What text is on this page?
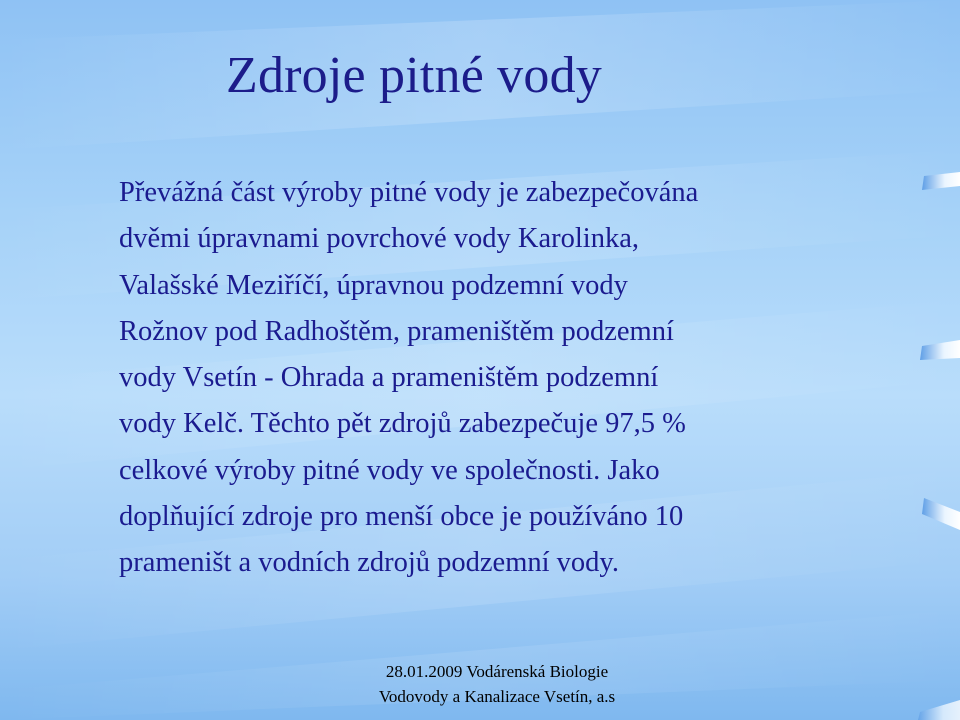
Zdroje pitné vody

Převážná část výroby pitné vody je zabezpečována
dvěmi úpravnami povrchové vody Karolinka,
Valašské Meziříčí, úpravnou podzemní vody
Rožnov pod Radhoštěm, prameništěm podzemní
vody Vsetín - Ohrada a prameništěm podzemní
vody Kelč. Těchto pět zdrojů zabezpečuje 97,5 %
celkové výroby pitné vody ve společnosti. Jako
doplňující zdroje pro menší obce je používáno 10
prameništ a vodních zdrojů podzemní vody.

28.01.2009 Vodárenská Biologie
Vodovody a Kanalizace Vsetín, a.s
